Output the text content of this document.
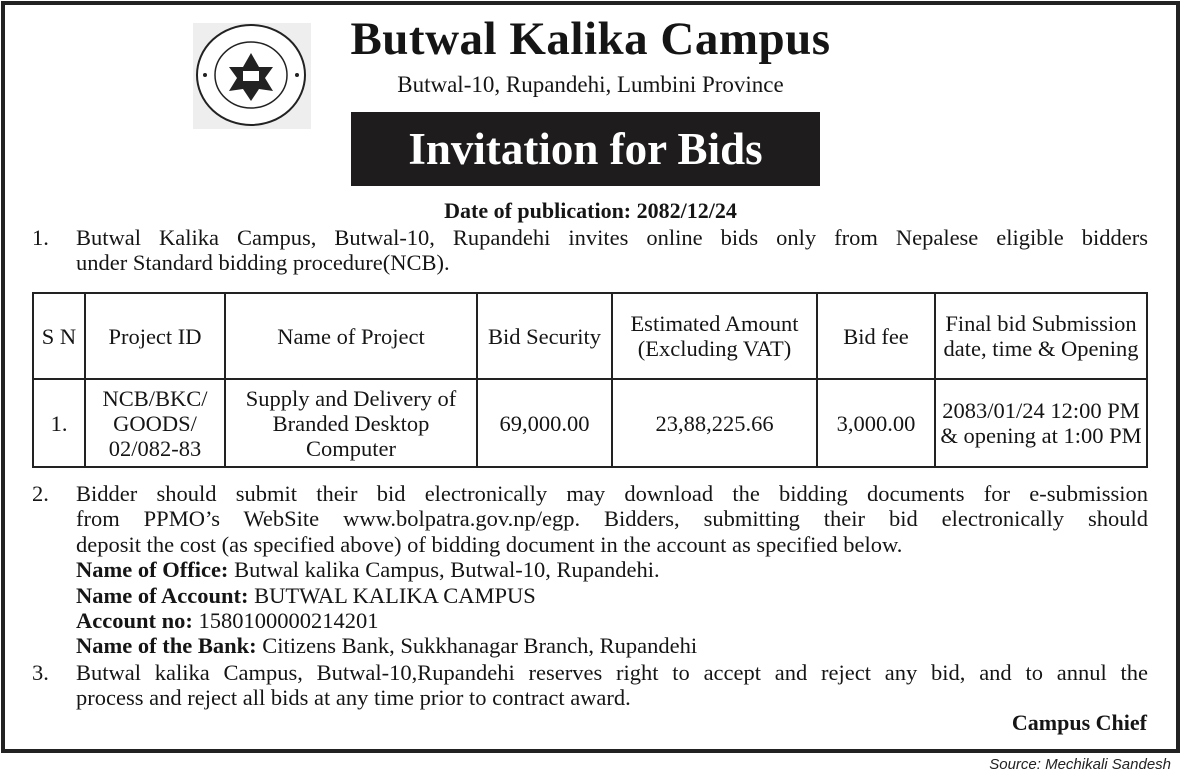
Butwal Kalika Campus
Butwal-10, Rupandehi, Lumbini Province
Invitation for Bids
Date of publication: 2082/12/24
1. Butwal Kalika Campus, Butwal-10, Rupandehi invites online bids only from Nepalese eligible bidders
under Standard bidding procedure(NCB).
S N	Project ID	Name of Project	Bid Security	Estimated Amount (Excluding VAT)	Bid fee	Final bid Submission date, time & Opening
1.	NCB/BKC/ GOODS/ 02/082-83	Supply and Delivery of Branded Desktop Computer	69,000.00	23,88,225.66	3,000.00	2083/01/24 12:00 PM & opening at 1:00 PM
2. Bidder should submit their bid electronically may download the bidding documents for e-submission
from PPMO’s WebSite www.bolpatra.gov.np/egp. Bidders, submitting their bid electronically should
deposit the cost (as specified above) of bidding document in the account as specified below.
Name of Office: Butwal kalika Campus, Butwal-10, Rupandehi.
Name of Account: BUTWAL KALIKA CAMPUS
Account no: 1580100000214201
Name of the Bank: Citizens Bank, Sukkhanagar Branch, Rupandehi
3. Butwal kalika Campus, Butwal-10,Rupandehi reserves right to accept and reject any bid, and to annul the
process and reject all bids at any time prior to contract award.
Campus Chief
Source: Mechikali Sandesh
